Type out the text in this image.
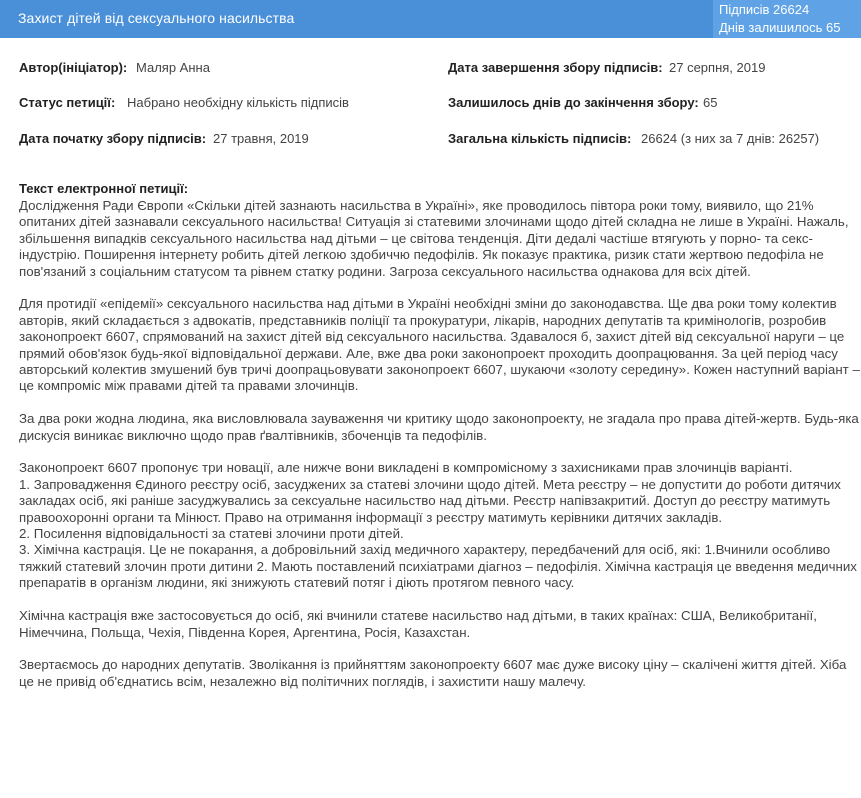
Захист дітей від сексуального насильства
Підписів 26624
Днів залишилось 65
Автор(ініціатор): Маляр Анна
Статус петиції: Набрано необхідну кількість підписів
Дата початку збору підписів: 27 травня, 2019
Дата завершення збору підписів: 27 серпня, 2019
Залишилось днів до закінчення збору: 65
Загальна кількість підписів: 26624 (з них за 7 днів: 26257)
Текст електронної петиції:

Дослідження Ради Європи «Скільки дітей зазнають насильства в Україні», яке проводилось півтора роки тому, виявило, що 21% опитаних дітей зазнавали сексуального насильства! Ситуація зі статевими злочинами щодо дітей складна не лише в Україні. Нажаль, збільшення випадків сексуального насильства над дітьми – це світова тенденція. Діти дедалі частіше втягують у порно- та секс-індустрію. Поширення інтернету робить дітей легкою здобиччю педофілів. Як показує практика, ризик стати жертвою педофіла не пов'язаний з соціальним статусом та рівнем статку родини. Загроза сексуального насильства однакова для всіх дітей.

Для протидії «епідемії» сексуального насильства над дітьми в Україні необхідні зміни до законодавства. Ще два роки тому колектив авторів, який складається з адвокатів, представників поліції та прокуратури, лікарів, народних депутатів та кримінологів, розробив законопроект 6607, спрямований на захист дітей від сексуального насильства. Здавалося б, захист дітей від сексуальної наруги – це прямий обов'язок будь-якої відповідальної держави. Але, вже два роки законопроект проходить доопрацювання. За цей період часу авторський колектив змушений був тричі доопрацьовувати законопроект 6607, шукаючи «золоту середину». Кожен наступний варіант – це компроміс між правами дітей та правами злочинців.

За два роки жодна людина, яка висловлювала зауваження чи критику щодо законопроекту, не згадала про права дітей-жертв. Будь-яка дискусія виникає виключно щодо прав ґвалтівників, збоченців та педофілів.

Законопроект 6607 пропонує три новації, але нижче вони викладені в компромісному з захисниками прав злочинців варіанті.
1. Запровадження Єдиного реєстру осіб, засуджених за статеві злочини щодо дітей. Мета реєстру – не допустити до роботи дитячих закладах осіб, які раніше засуджувались за сексуальне насильство над дітьми. Реєстр напівзакритий. Доступ до реєстру матимуть правоохоронні органи та Мінюст. Право на отримання інформації з реєстру матимуть керівники дитячих закладів.
2. Посилення відповідальності за статеві злочини проти дітей.
3. Хімічна кастрація. Це не покарання, а добровільний захід медичного характеру, передбачений для осіб, які: 1.Вчинили особливо тяжкий статевий злочин проти дитини 2. Мають поставлений психіатрами діагноз – педофілія. Хімічна кастрація це введення медичних препаратів в організм людини, які знижують статевий потяг і діють протягом певного часу.

Хімічна кастрація вже застосовується до осіб, які вчинили статеве насильство над дітьми, в таких країнах: США, Великобританії, Німеччина, Польща, Чехія, Південна Корея, Аргентина, Росія, Казахстан.

Звертаємось до народних депутатів. Зволікання із прийняттям законопроекту 6607 має дуже високу ціну – скалічені життя дітей. Хіба це не привід об'єднатись всім, незалежно від політичних поглядів, і захистити нашу малечу.
